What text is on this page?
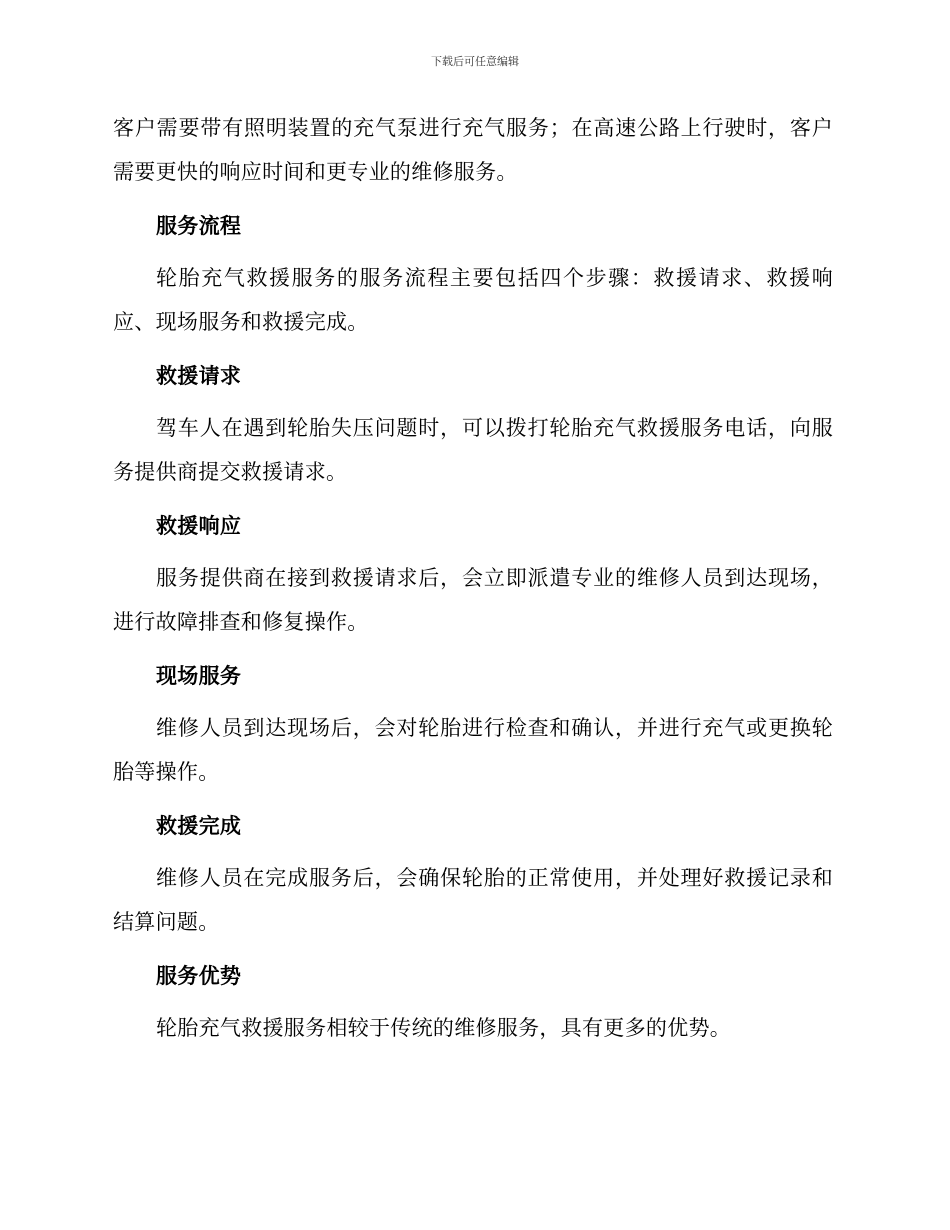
下载后可任意编辑

客户需要带有照明装置的充气泵进行充气服务；在高速公路上行驶时，客户需要更快的响应时间和更专业的维修服务。

服务流程

轮胎充气救援服务的服务流程主要包括四个步骤：救援请求、救援响应、现场服务和救援完成。

救援请求

驾车人在遇到轮胎失压问题时，可以拨打轮胎充气救援服务电话，向服务提供商提交救援请求。

救援响应

服务提供商在接到救援请求后，会立即派遣专业的维修人员到达现场，进行故障排查和修复操作。

现场服务

维修人员到达现场后，会对轮胎进行检查和确认，并进行充气或更换轮胎等操作。

救援完成

维修人员在完成服务后，会确保轮胎的正常使用，并处理好救援记录和结算问题。

服务优势

轮胎充气救援服务相较于传统的维修服务，具有更多的优势。
